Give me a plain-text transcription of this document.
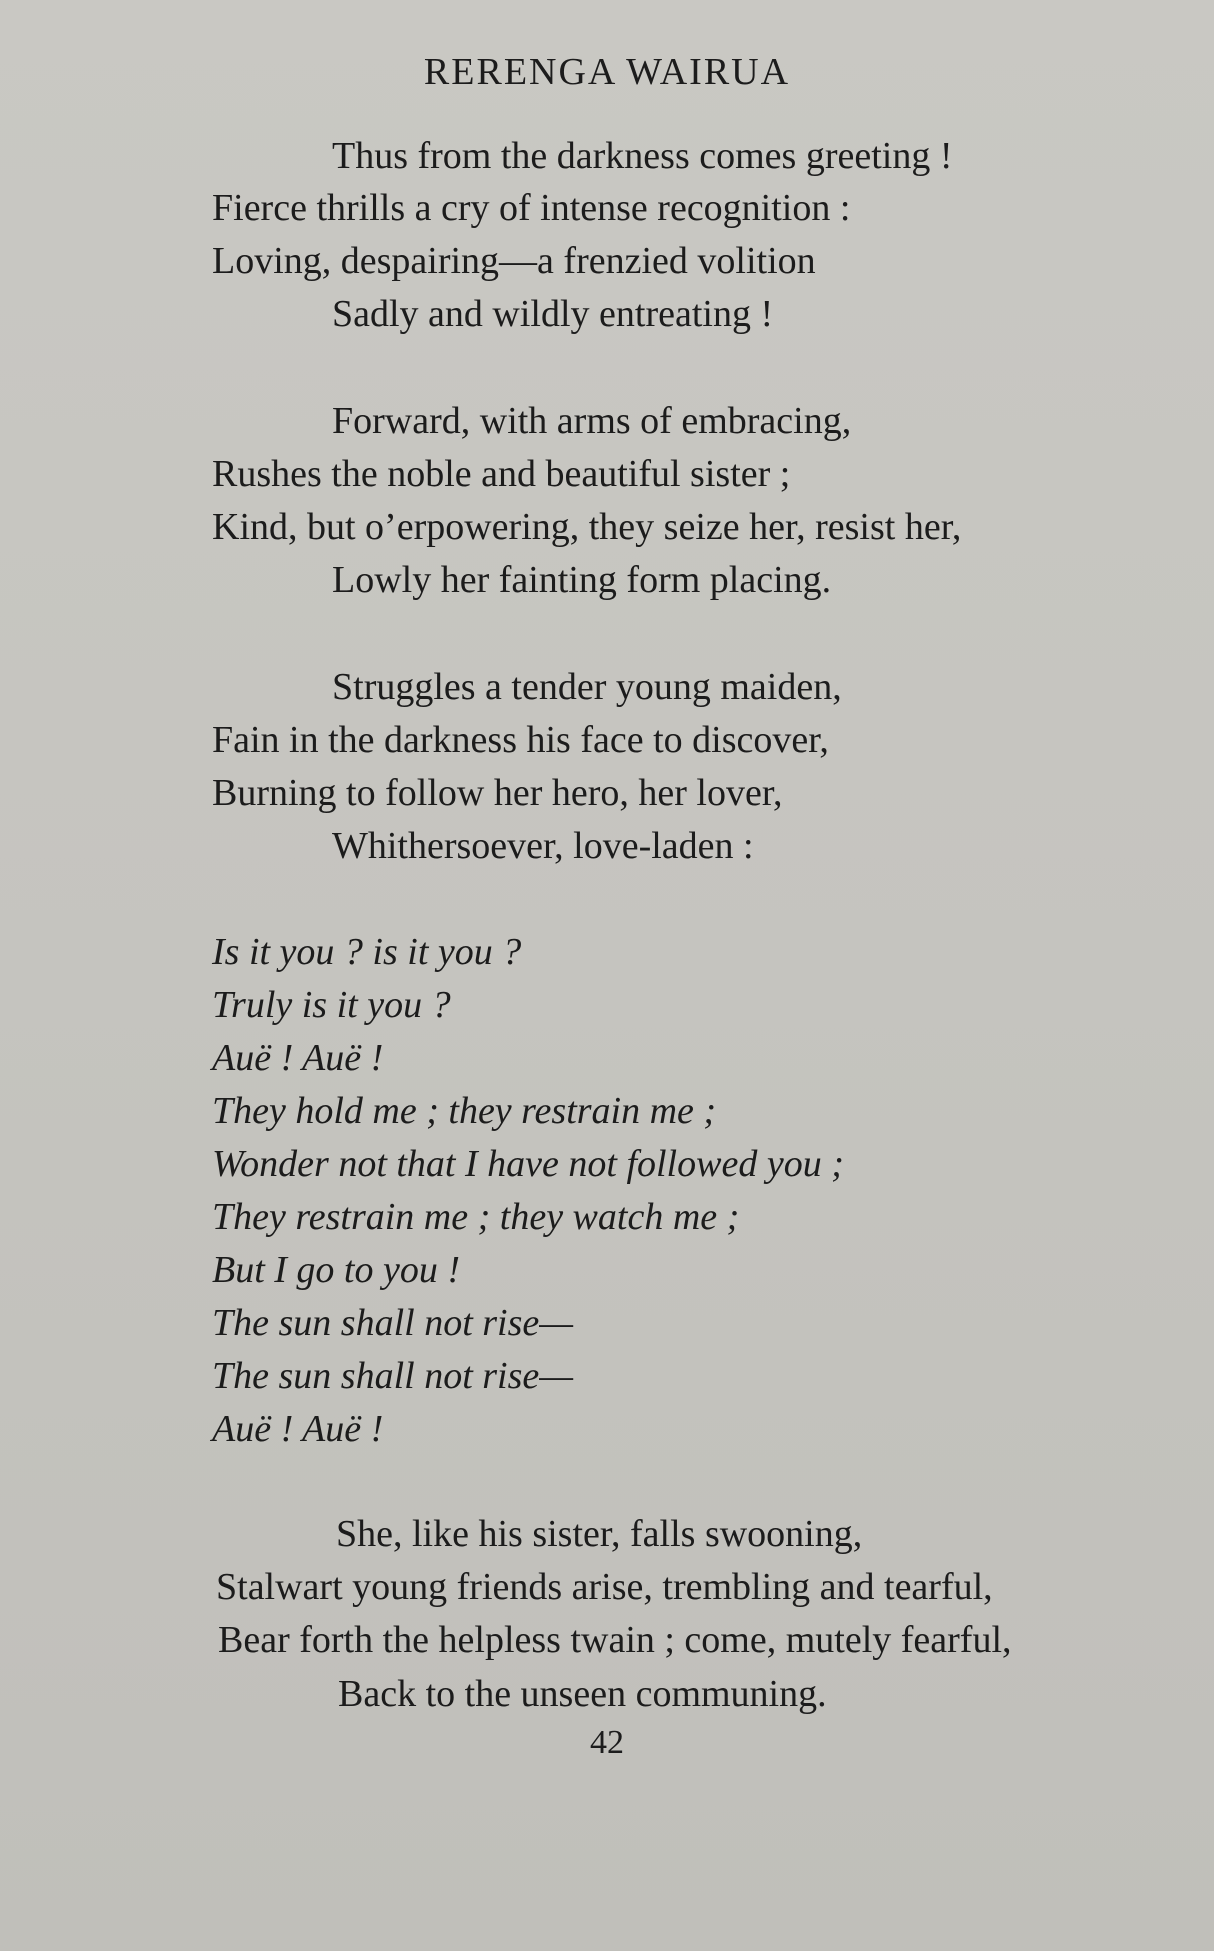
RERENGA WAIRUA
Thus from the darkness comes greeting !
Fierce thrills a cry of intense recognition :
Loving, despairing—a frenzied volition
Sadly and wildly entreating !
Forward, with arms of embracing,
Rushes the noble and beautiful sister ;
Kind, but o’erpowering, they seize her, resist her,
Lowly her fainting form placing.
Struggles a tender young maiden,
Fain in the darkness his face to discover,
Burning to follow her hero, her lover,
Whithersoever, love-laden :
Is it you ? is it you ?
Truly is it you ?
Auë ! Auë !
They hold me ; they restrain me ;
Wonder not that I have not followed you ;
They restrain me ; they watch me ;
But I go to you !
The sun shall not rise—
The sun shall not rise—
Auë ! Auë !
She, like his sister, falls swooning,
Stalwart young friends arise, trembling and tearful,
Bear forth the helpless twain ; come, mutely fearful,
Back to the unseen communing.
42
